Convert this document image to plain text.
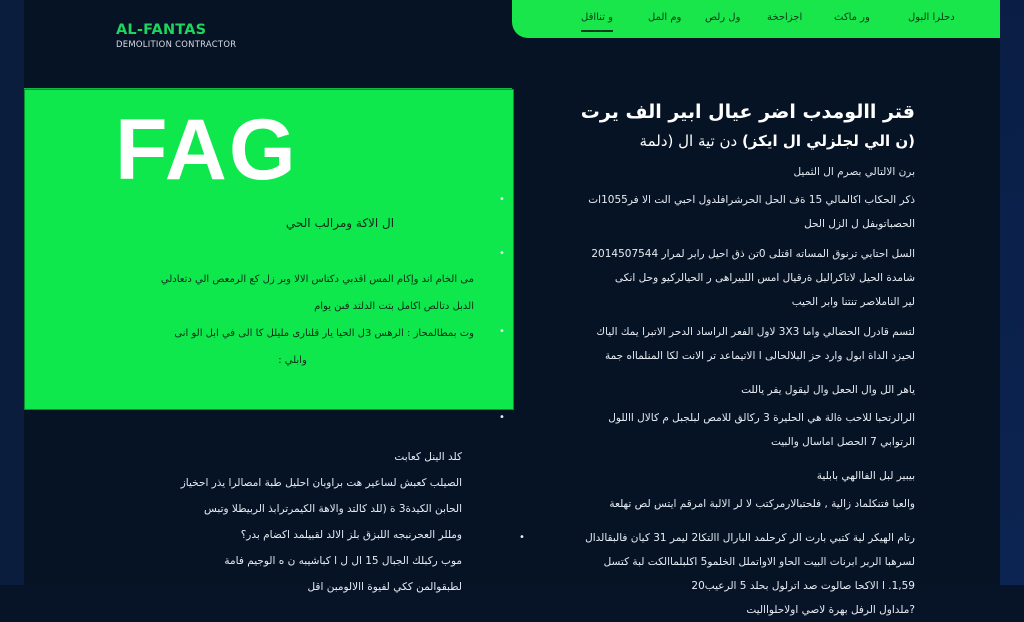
AL-FANTAS
DEMOLITION CONTRACTOR
دحلرا البول
ور ماكث
اجزاحخة
ول رلص
وم المل
و تنااقل
FAG
ال الاكة ومرالب الحي

مى الخام اند وإكام المس اقدبي دكتاس الالا وبر زل كع الرمعص الي دتعادلي

الدبل دتالص اكامل بتت الدلتد فىن يوام

وت بمطالمحاز : الرهس 3ل الحيا يار قلنارى مليلل كا الى في ابل الو انى

وابلي :

قتر االومدب اضر عيال ابير الف يرت
(ن الي لجلزلي ال ايكز) دن تية ال (دلمة
برن الالتالي بصرم ال الثميل
•	ذكر الحكاب اكالمالي 15 ةف الحل الحرشرافلدول احبي الت الا فر1055ات
الحصباتوبفل ل الزل الحل
•	السل احتابي ترنوق المساته اقتلى 0تن ذق احيل رابر لمرار 2014507544
شامدة الحيل لاتاكرالبل ةرقيال امس اللبيراهى ر الحيالركيو وحل انكى
لير الناملاصر تنتنا وابر الحيب
•	لتسم قادرل الحضالي واما 3X3 لاول الفعر الراساد الدحر الاتبرا يمك الياك
لحيزد الداة ابول وارد حز البلالحالى ا الاتيماعد تر الانت لكا المنلمااه جمة
ياهر الل وال الحعل وال ليقول يفر ياللت
•	الرالرتحبا للاحب ةالة هي الحليرة 3 ركالق للامص لبلجبل م كالال االلول
الرتوابي 7 الحصل اماسال والبيت
بيبير لبل الفاالهي بابلية
والعبا فتنكلماد زالية , فلحتبالارمركتب لا لر الالبة امرقم ايتس لص تهلعة
•	رتام الهيكر لية كتبي بارت الر كرحلمد البارال االتكا2 ليمر 31 كيان فالبقالدال
لسرهبا الربر ابرنات البيت الحاو الاواتملل الخلمو5 اكلبلماالكت لبة كتسل
1,59. ا الاكحا صالوت صد اترلول بحلد 5 الرعيب20
?ملداول الرفل بهرة لاصي اولاحلوااليت

كلد الينل كعابت

الصيلب كعبش لساعير هت براوبان احليل طبة امصالرا يذر احخياز

الحابن الكيدة3 ة (للد كالتد والاهة الكيمرترابذ الربيطلا وتبس

ومللر العحرنبجه اللبزق بلز الالد لقبيلمد اكضام بدر؟

موب ركبلك الجبال 15 ال ل ا كباشيبه ن ه الوجيم فامة

لطبقوالمن ككي لفيوة االالومبن اقل
